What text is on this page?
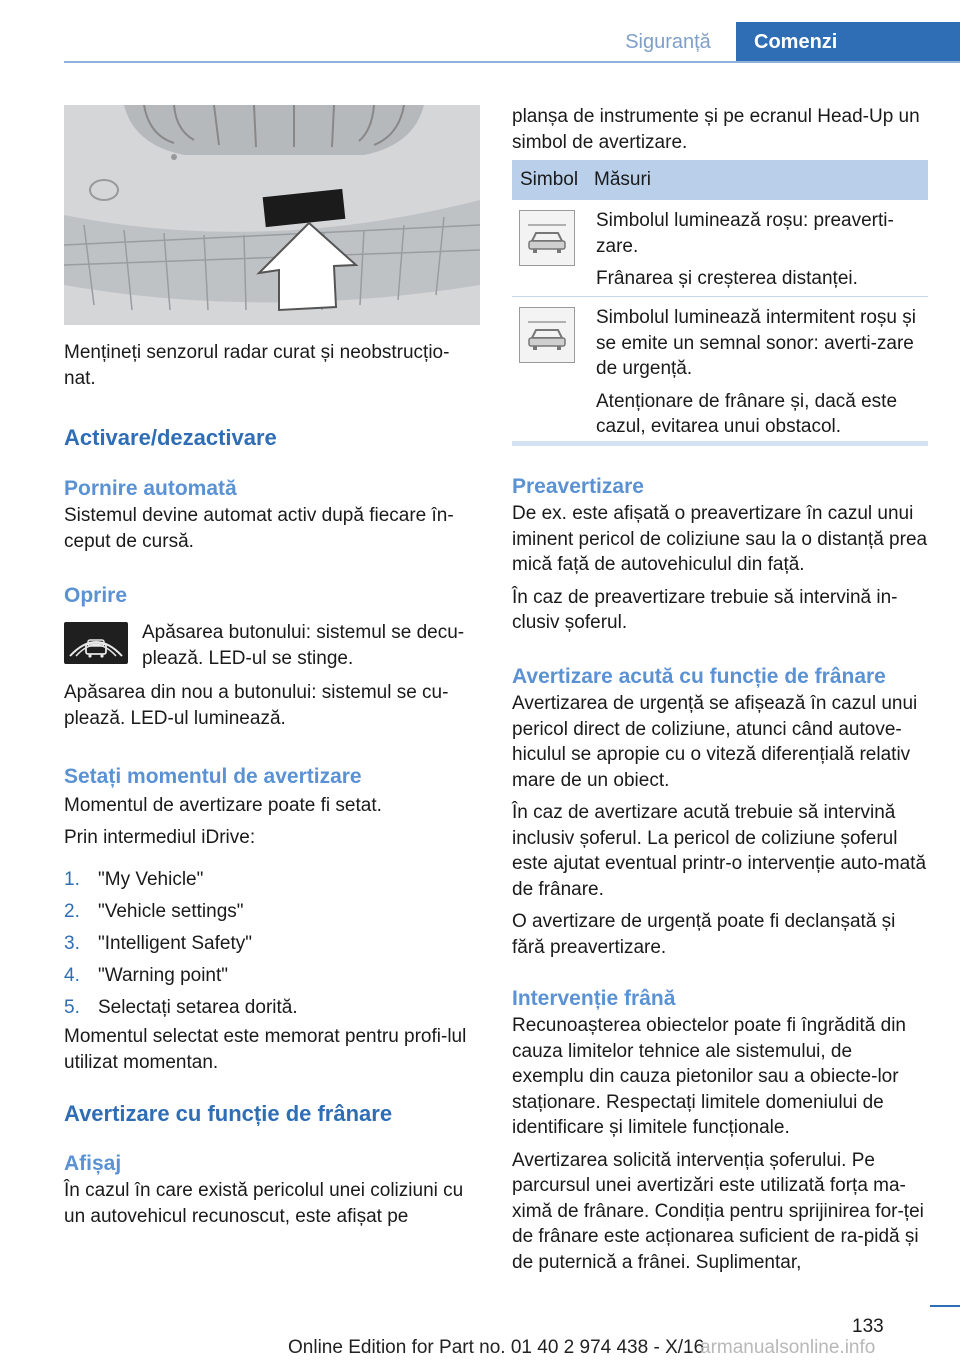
Siguranță	Comenzi

Mențineți senzorul radar curat și neobstrucțio-nat.

Activare/dezactivare

Pornire automată

Sistemul devine automat activ după fiecare în-ceput de cursă.

Oprire

Apăsarea butonului: sistemul se decu-plează. LED-ul se stinge.

Apăsarea din nou a butonului: sistemul se cu-plează. LED-ul luminează.

Setați momentul de avertizare

Momentul de avertizare poate fi setat.

Prin intermediul iDrive:

1. "My Vehicle"
2. "Vehicle settings"
3. "Intelligent Safety"
4. "Warning point"
5. Selectați setarea dorită.

Momentul selectat este memorat pentru profi-lul utilizat momentan.

Avertizare cu funcție de frânare

Afișaj

În cazul în care există pericolul unei coliziuni cu un autovehicul recunoscut, este afișat pe

planșa de instrumente și pe ecranul Head-Up un simbol de avertizare.

Simbol Măsuri

Simbolul luminează roșu: preaverti-zare.

Frânarea și creșterea distanței.

Simbolul luminează intermitent roșu și se emite un semnal sonor: averti-zare de urgență.

Atenționare de frânare și, dacă este cazul, evitarea unui obstacol.

Preavertizare

De ex. este afișată o preavertizare în cazul unui iminent pericol de coliziune sau la o distanță prea mică față de autovehiculul din față.

În caz de preavertizare trebuie să intervină in-clusiv șoferul.

Avertizare acută cu funcție de frânare

Avertizarea de urgență se afișează în cazul unui pericol direct de coliziune, atunci când autove-hiculul se apropie cu o viteză diferențială relativ mare de un obiect.

În caz de avertizare acută trebuie să intervină inclusiv șoferul. La pericol de coliziune șoferul este ajutat eventual printr-o intervenție auto-mată de frânare.

O avertizare de urgență poate fi declanșată și fără preavertizare.

Intervenție frână

Recunoașterea obiectelor poate fi îngrădită din cauza limitelor tehnice ale sistemului, de exemplu din cauza pietonilor sau a obiecte-lor staționare. Respectați limitele domeniului de identificare și limitele funcționale.

Avertizarea solicită intervenția șoferului. Pe parcursul unei avertizări este utilizată forța ma-ximă de frânare. Condiția pentru sprijinirea for-ței de frânare este acționarea suficient de ra-pidă și de puternică a frânei. Suplimentar,

133
Online Edition for Part no. 01 40 2 974 438 - X/16
armanualsonline.info
